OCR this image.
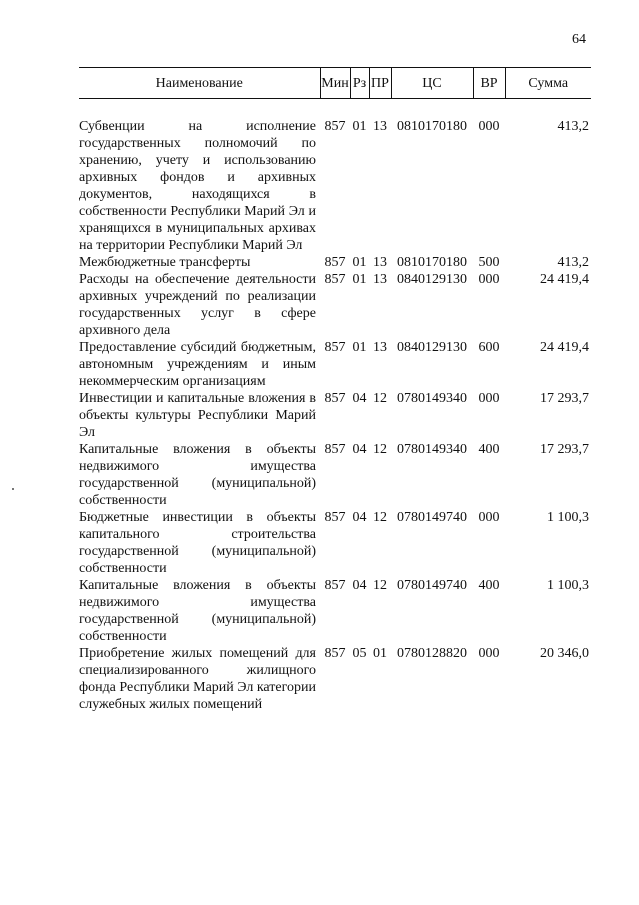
64
Наименование	Мин	Рз	ПР	ЦС	ВР	Сумма

Субвенции на исполнение государственных полномочий по хранению, учету и использованию архивных фондов и архивных документов, находящихся в собственности Республики Марий Эл и хранящихся в муниципальных архивах на территории Республики Марий Эл	857	01	13	0810170180	000	413,2
Межбюджетные трансферты	857	01	13	0810170180	500	413,2
Расходы на обеспечение деятельности архивных учреждений по реализации государственных услуг в сфере архивного дела	857	01	13	0840129130	000	24 419,4
Предоставление субсидий бюджетным, автономным учреждениям и иным некоммерческим организациям	857	01	13	0840129130	600	24 419,4
Инвестиции и капитальные вложения в объекты культуры Республики Марий Эл	857	04	12	0780149340	000	17 293,7
Капитальные вложения в объекты недвижимого имущества государственной (муниципальной) собственности	857	04	12	0780149340	400	17 293,7
Бюджетные инвестиции в объекты капитального строительства государственной (муниципальной) собственности	857	04	12	0780149740	000	1 100,3
Капитальные вложения в объекты недвижимого имущества государственной (муниципальной) собственности	857	04	12	0780149740	400	1 100,3
Приобретение жилых помещений для специализированного жилищного фонда Республики Марий Эл категории служебных жилых помещений	857	05	01	0780128820	000	20 346,0
